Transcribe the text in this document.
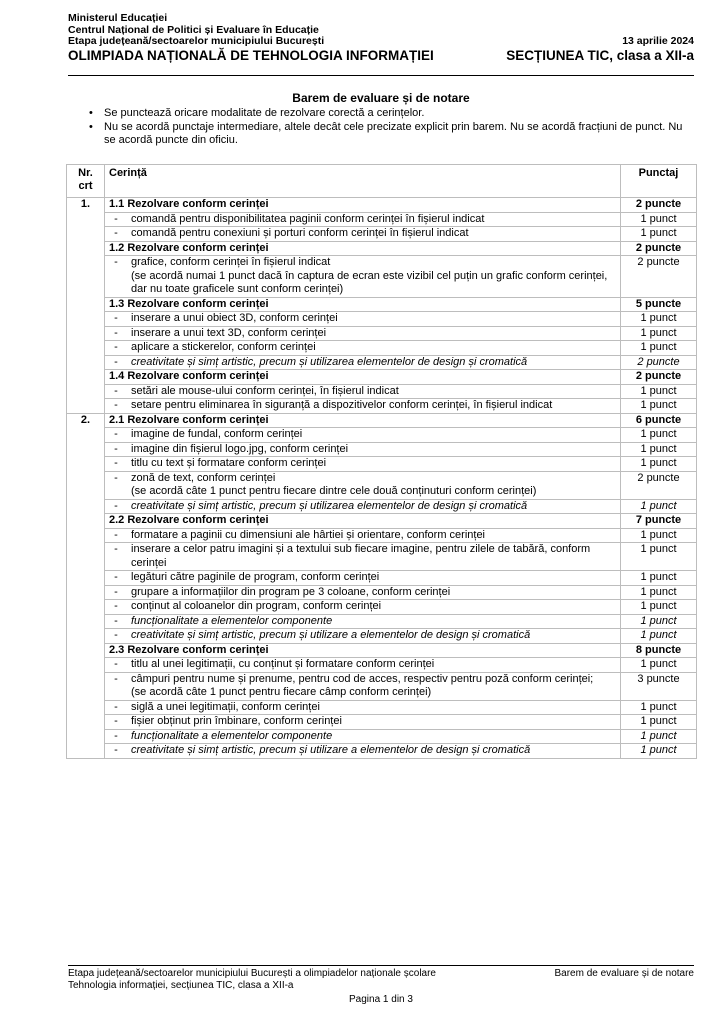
Ministerul Educației
Centrul Național de Politici și Evaluare în Educație
Etapa județeană/sectoarelor municipiului București	13 aprilie 2024
OLIMPIADA NAȚIONALĂ DE TEHNOLOGIA INFORMAȚIEI	SECȚIUNEA TIC, clasa a XII-a
Barem de evaluare și de notare
• Se punctează oricare modalitate de rezolvare corectă a cerințelor.
• Nu se acordă punctaje intermediare, altele decât cele precizate explicit prin barem. Nu se acordă fracțiuni de punct. Nu se acordă puncte din oficiu.
Nr. crt	Cerință	Punctaj
1.	1.1 Rezolvare conform cerinței	2 puncte

	- comandă pentru disponibilitatea paginii conform cerinței în fișierul indicat	1 punct

	- comandă pentru conexiuni și porturi conform cerinței în fișierul indicat	1 punct
	1.2 Rezolvare conform cerinței	2 puncte

	- grafice, conform cerinței în fișierul indicat
(se acordă numai 1 punct dacă în captura de ecran este vizibil cel puțin un grafic conform cerinței, dar nu toate graficele sunt conform cerinței)	2 puncte
	1.3 Rezolvare conform cerinței	5 puncte

	- inserare a unui obiect 3D, conform cerinței	1 punct

	- inserare a unui text 3D, conform cerinței	1 punct

	- aplicare a stickerelor, conform cerinței	1 punct

	- creativitate și simț artistic, precum și utilizarea elementelor de design și cromatică	2 puncte
	1.4 Rezolvare conform cerinței	2 puncte

	- setări ale mouse-ului conform cerinței, în fișierul indicat	1 punct

	- setare pentru eliminarea în siguranță a dispozitivelor conform cerinței, în fișierul indicat	1 punct
2.	2.1 Rezolvare conform cerinței	6 puncte

	- imagine de fundal, conform cerinței	1 punct

	- imagine din fișierul logo.jpg, conform cerinței	1 punct

	- titlu cu text și formatare conform cerinței	1 punct

	- zonă de text, conform cerinței
(se acordă câte 1 punct pentru fiecare dintre cele două conținuturi conform cerinței)	2 puncte

	- creativitate și simț artistic, precum și utilizarea elementelor de design și cromatică	1 punct
	2.2 Rezolvare conform cerinței	7 puncte

	- formatare a paginii cu dimensiuni ale hârtiei și orientare, conform cerinței	1 punct

	- inserare a celor patru imagini și a textului sub fiecare imagine, pentru zilele de tabără, conform cerinței	1 punct

	- legături către paginile de program, conform cerinței	1 punct

	- grupare a informațiilor din program pe 3 coloane, conform cerinței	1 punct

	- conținut al coloanelor din program, conform cerinței	1 punct

	- funcționalitate a elementelor componente	1 punct

	- creativitate și simț artistic, precum și utilizare a elementelor de design și cromatică	1 punct
	2.3 Rezolvare conform cerinței	8 puncte

	- titlu al unei legitimații, cu conținut și formatare conform cerinței	1 punct

	- câmpuri pentru nume și prenume, pentru cod de acces, respectiv pentru poză conform cerinței;
(se acordă câte 1 punct pentru fiecare câmp conform cerinței)	3 puncte

	- siglă a unei legitimații, conform cerinței	1 punct

	- fișier obținut prin îmbinare, conform cerinței	1 punct

	- funcționalitate a elementelor componente	1 punct

	- creativitate și simț artistic, precum și utilizare a elementelor de design și cromatică	1 punct
Etapa județeană/sectoarelor municipiului București a olimpiadelor naționale școlare	Barem de evaluare și de notare
Tehnologia informației, secțiunea TIC, clasa a XII-a
Pagina 1 din 3
